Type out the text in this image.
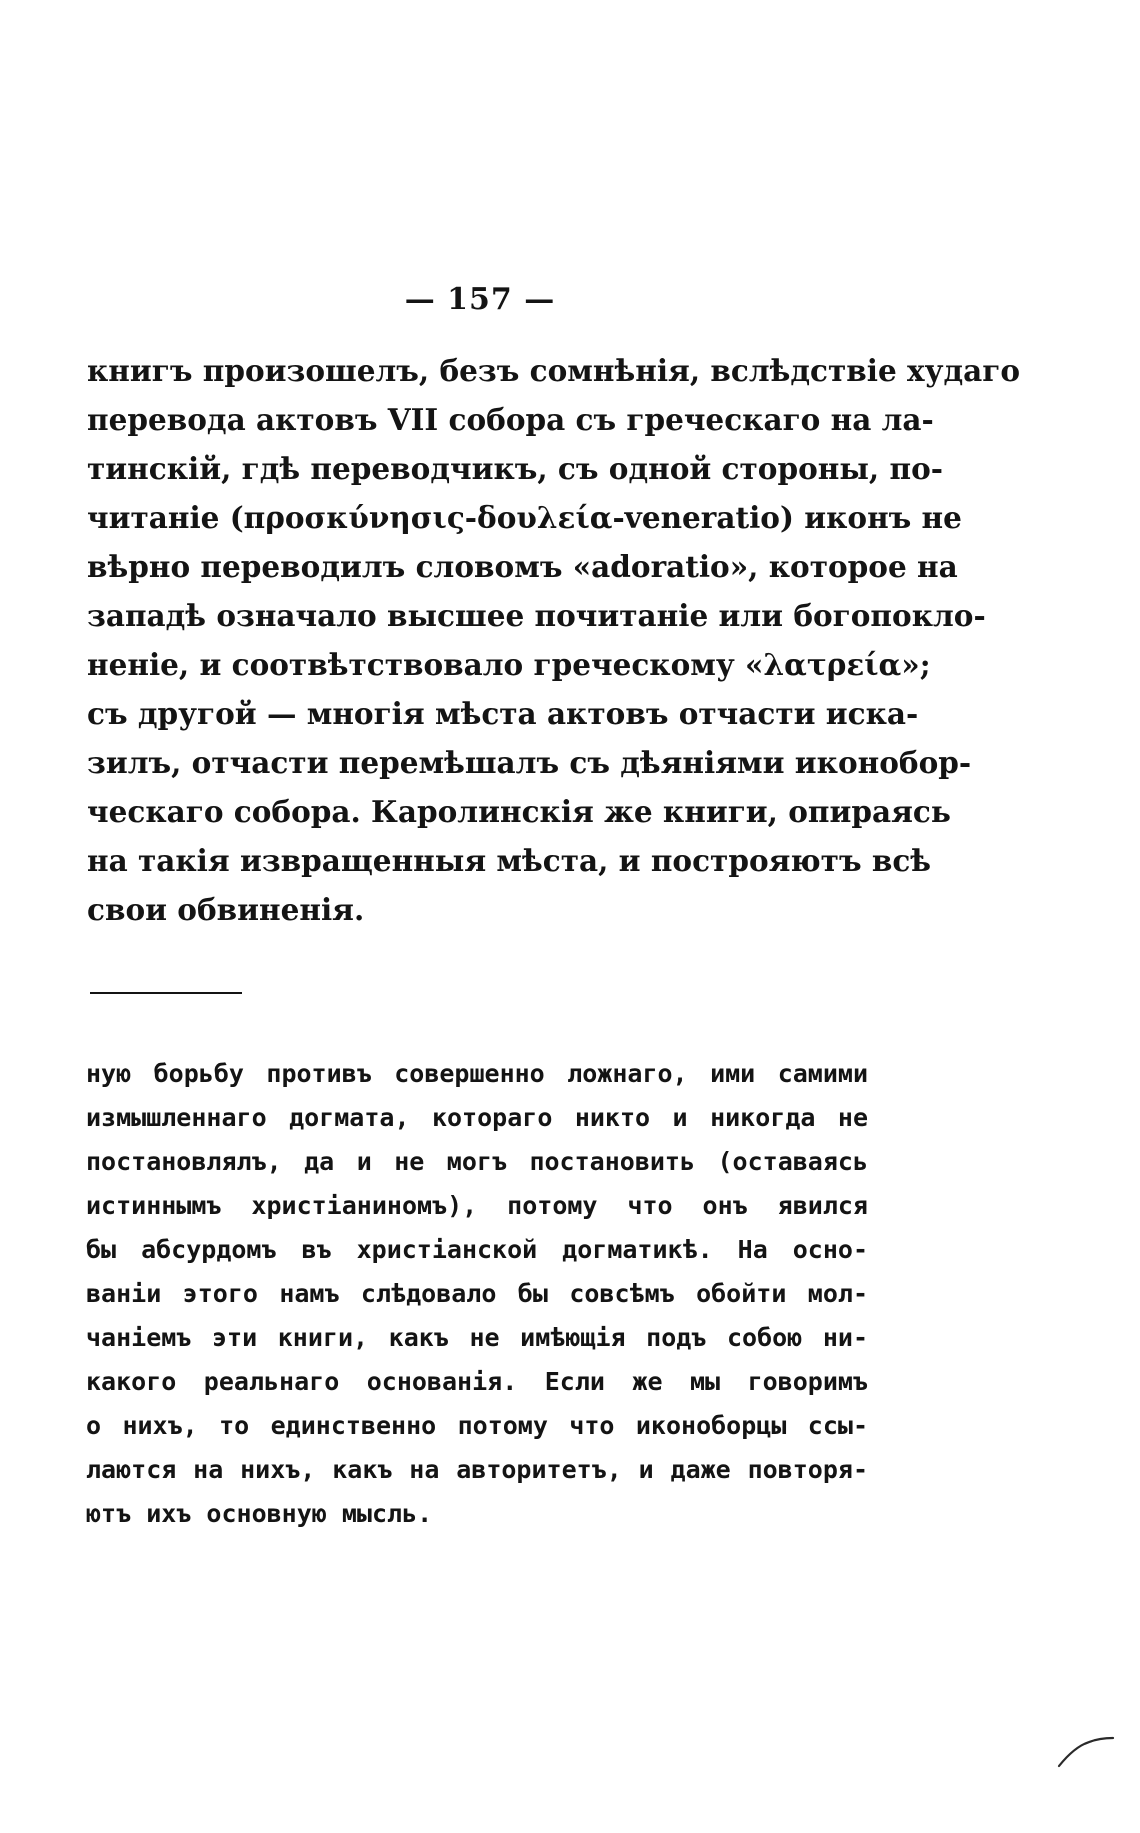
— 157 —
книгъ произошелъ, безъ сомнѣнія, вслѣдствіе худаго
перевода актовъ VII собора съ греческаго на ла-
тинскій, гдѣ переводчикъ, съ одной стороны, по-
читаніе (προσκύνησις-δουλεία-veneratio) иконъ не
вѣрно переводилъ словомъ «adoratio», которое на
западѣ означало высшее почитаніе или богопокло-
неніе, и соотвѣтствовало греческому «λατρεία»;
съ другой — многія мѣста актовъ отчасти иска-
зилъ, отчасти перемѣшалъ съ дѣяніями иконобор-
ческаго собора. Каролинскія же книги, опираясь
на такія извращенныя мѣста, и построяютъ всѣ
свои обвиненія.
ную борьбу противъ совершенно ложнаго, ими самими
измышленнаго догмата, котораго никто и никогда не
постановлялъ, да и не могъ постановить (оставаясь
истиннымъ христіаниномъ), потому что онъ явился
бы абсурдомъ въ христіанской догматикѣ. На осно-
ваніи этого намъ слѣдовало бы совсѣмъ обойти мол-
чаніемъ эти книги, какъ не имѣющія подъ собою ни-
какого реальнаго основанія. Если же мы говоримъ
о нихъ, то единственно потому что иконоборцы ссы-
лаются на нихъ, какъ на авторитетъ, и даже повторя-
ютъ ихъ основную мысль.
